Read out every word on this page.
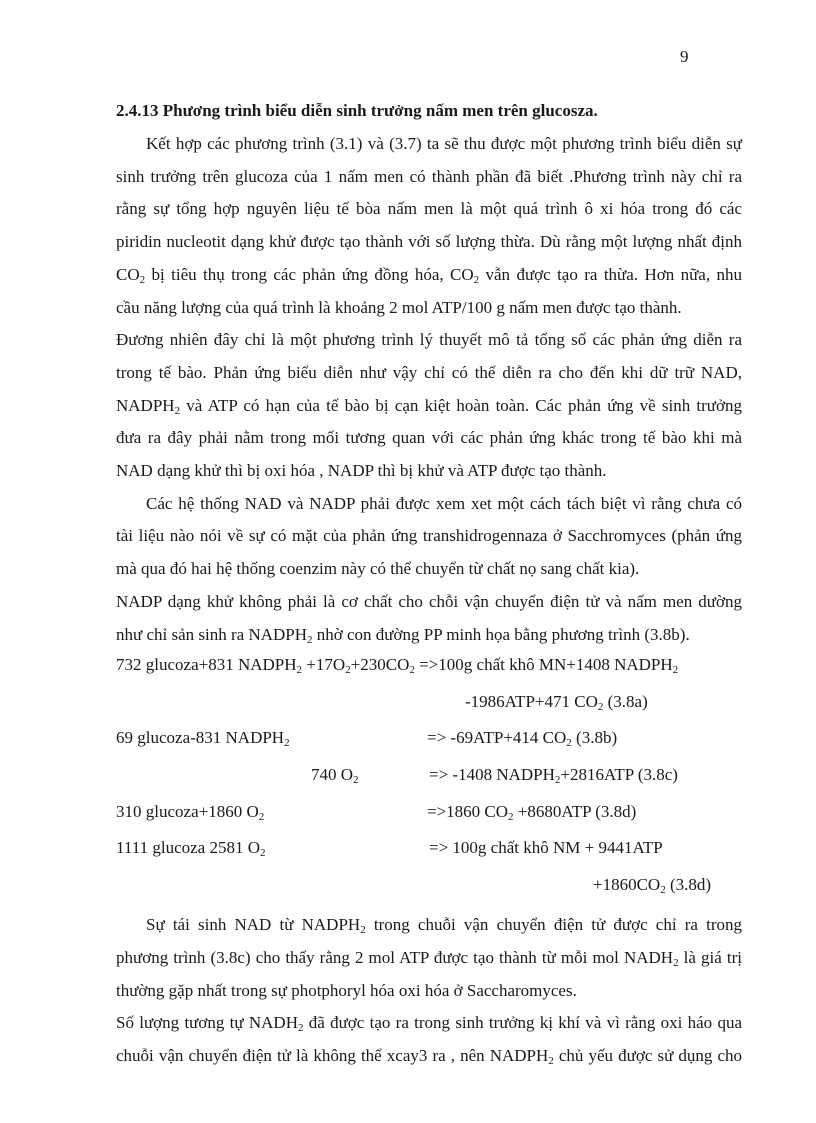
9

2.4.13 Phương trình biểu diễn sinh trưởng nấm men trên glucosza.

Kết hợp các phương trình (3.1) và (3.7) ta sẽ thu được một phương trình biểu diễn sự
sinh trưởng trên glucoza của 1 nấm men có thành phần đã biết .Phương trình này chỉ ra
rằng sự tổng hợp nguyên liệu tế bòa nấm men là một quá trình ô xi hóa trong đó các
piridin nucleotit dạng khử được tạo thành với số lượng thừa. Dù rằng một lượng nhất định
$CO_2$ bị tiêu thụ trong các phản ứng đồng hóa, $CO_2$ vẫn được tạo ra thừa. Hơn nữa, nhu
cầu năng lượng của quá trình là khoảng 2 mol ATP/100 g nấm men được tạo thành.

Đương nhiên đây chỉ là một phương trình lý thuyết mô tả tổng số các phản ứng diễn ra
trong tế bào. Phản ứng biểu diễn như vậy chỉ có thể diễn ra cho đến khi dữ trữ NAD,
$NADPH_2$ và ATP có hạn của tế bào bị cạn kiệt hoàn toàn. Các phản ứng về sinh trưởng
đưa ra đây phải nằm trong mối tương quan với các phản ứng khác trong tế bào khi mà
NAD dạng khử thì bị oxi hóa , NADP thì bị khử và ATP được tạo thành.

Các hệ thống NAD và NADP phải được xem xet một cách tách biệt vì rằng chưa có
tài liệu nào nói về sự có mặt của phản ứng transhidrogennaza ở Sacchromyces (phản ứng
mà qua đó hai hệ thống coenzim này có thể chuyển từ chất nọ sang chất kia).

NADP dạng khử không phải là cơ chất cho chỗi vận chuyển điện tử và nấm men dường
như chỉ sản sinh ra $NADPH_2$ nhờ con đường PP minh họa bằng phương trình (3.8b).

732 glucoza+831 $NADPH_2 +17O_2+230CO_2 =>100g$ chất khô MN+1408 $NADPH_2$
-1986ATP+471 $CO_2$ (3.8a)
69 glucoza-831 $NADPH_2$	=> -69ATP+414 $CO_2$ (3.8b)
740 $O_2$	=> -1408 $NADPH_2+2816ATP$ (3.8c)
310 glucoza+1860 $O_2$	=>1860 $CO_2 +8680ATP$ (3.8d)
1111 glucoza 2581 $O_2$	=> 100g chất khô NM + 9441ATP
$+1860CO_2$ (3.8d)

Sự tái sinh NAD từ $NADPH_2$ trong chuỗi vận chuyển điện tử được chỉ ra trong
phương trình (3.8c) cho thấy rằng 2 mol ATP được tạo thành từ mỗi mol $NADH_2$ là giá trị
thường gặp nhất trong sự photphoryl hóa oxi hóa ở Saccharomyces.

Số lượng tương tự $NADH_2$ đã được tạo ra trong sinh trưởng kị khí và vì rằng oxi háo qua
chuỗi vận chuyển điện tử là không thể xcay3 ra , nên $NADPH_2$ chủ yếu được sử dụng cho
